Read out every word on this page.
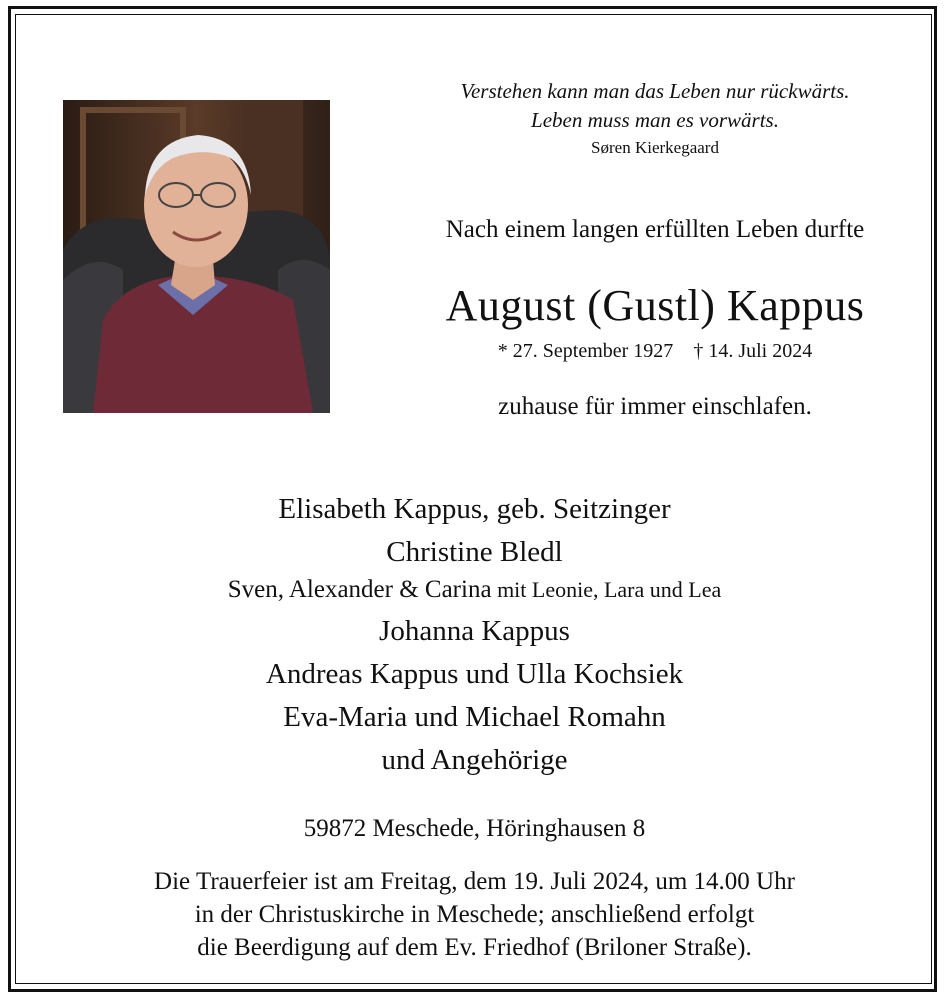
Verstehen kann man das Leben nur rückwärts.
Leben muss man es vorwärts.
Søren Kierkegaard
Nach einem langen erfüllten Leben durfte
August (Gustl) Kappus
* 27. September 1927 † 14. Juli 2024
zuhause für immer einschlafen.
Elisabeth Kappus, geb. Seitzinger
Christine Bledl
Sven, Alexander & Carina mit Leonie, Lara und Lea
Johanna Kappus
Andreas Kappus und Ulla Kochsiek
Eva-Maria und Michael Romahn
und Angehörige
59872 Meschede, Höringhausen 8
Die Trauerfeier ist am Freitag, dem 19. Juli 2024, um 14.00 Uhr
in der Christuskirche in Meschede; anschließend erfolgt
die Beerdigung auf dem Ev. Friedhof (Briloner Straße).
